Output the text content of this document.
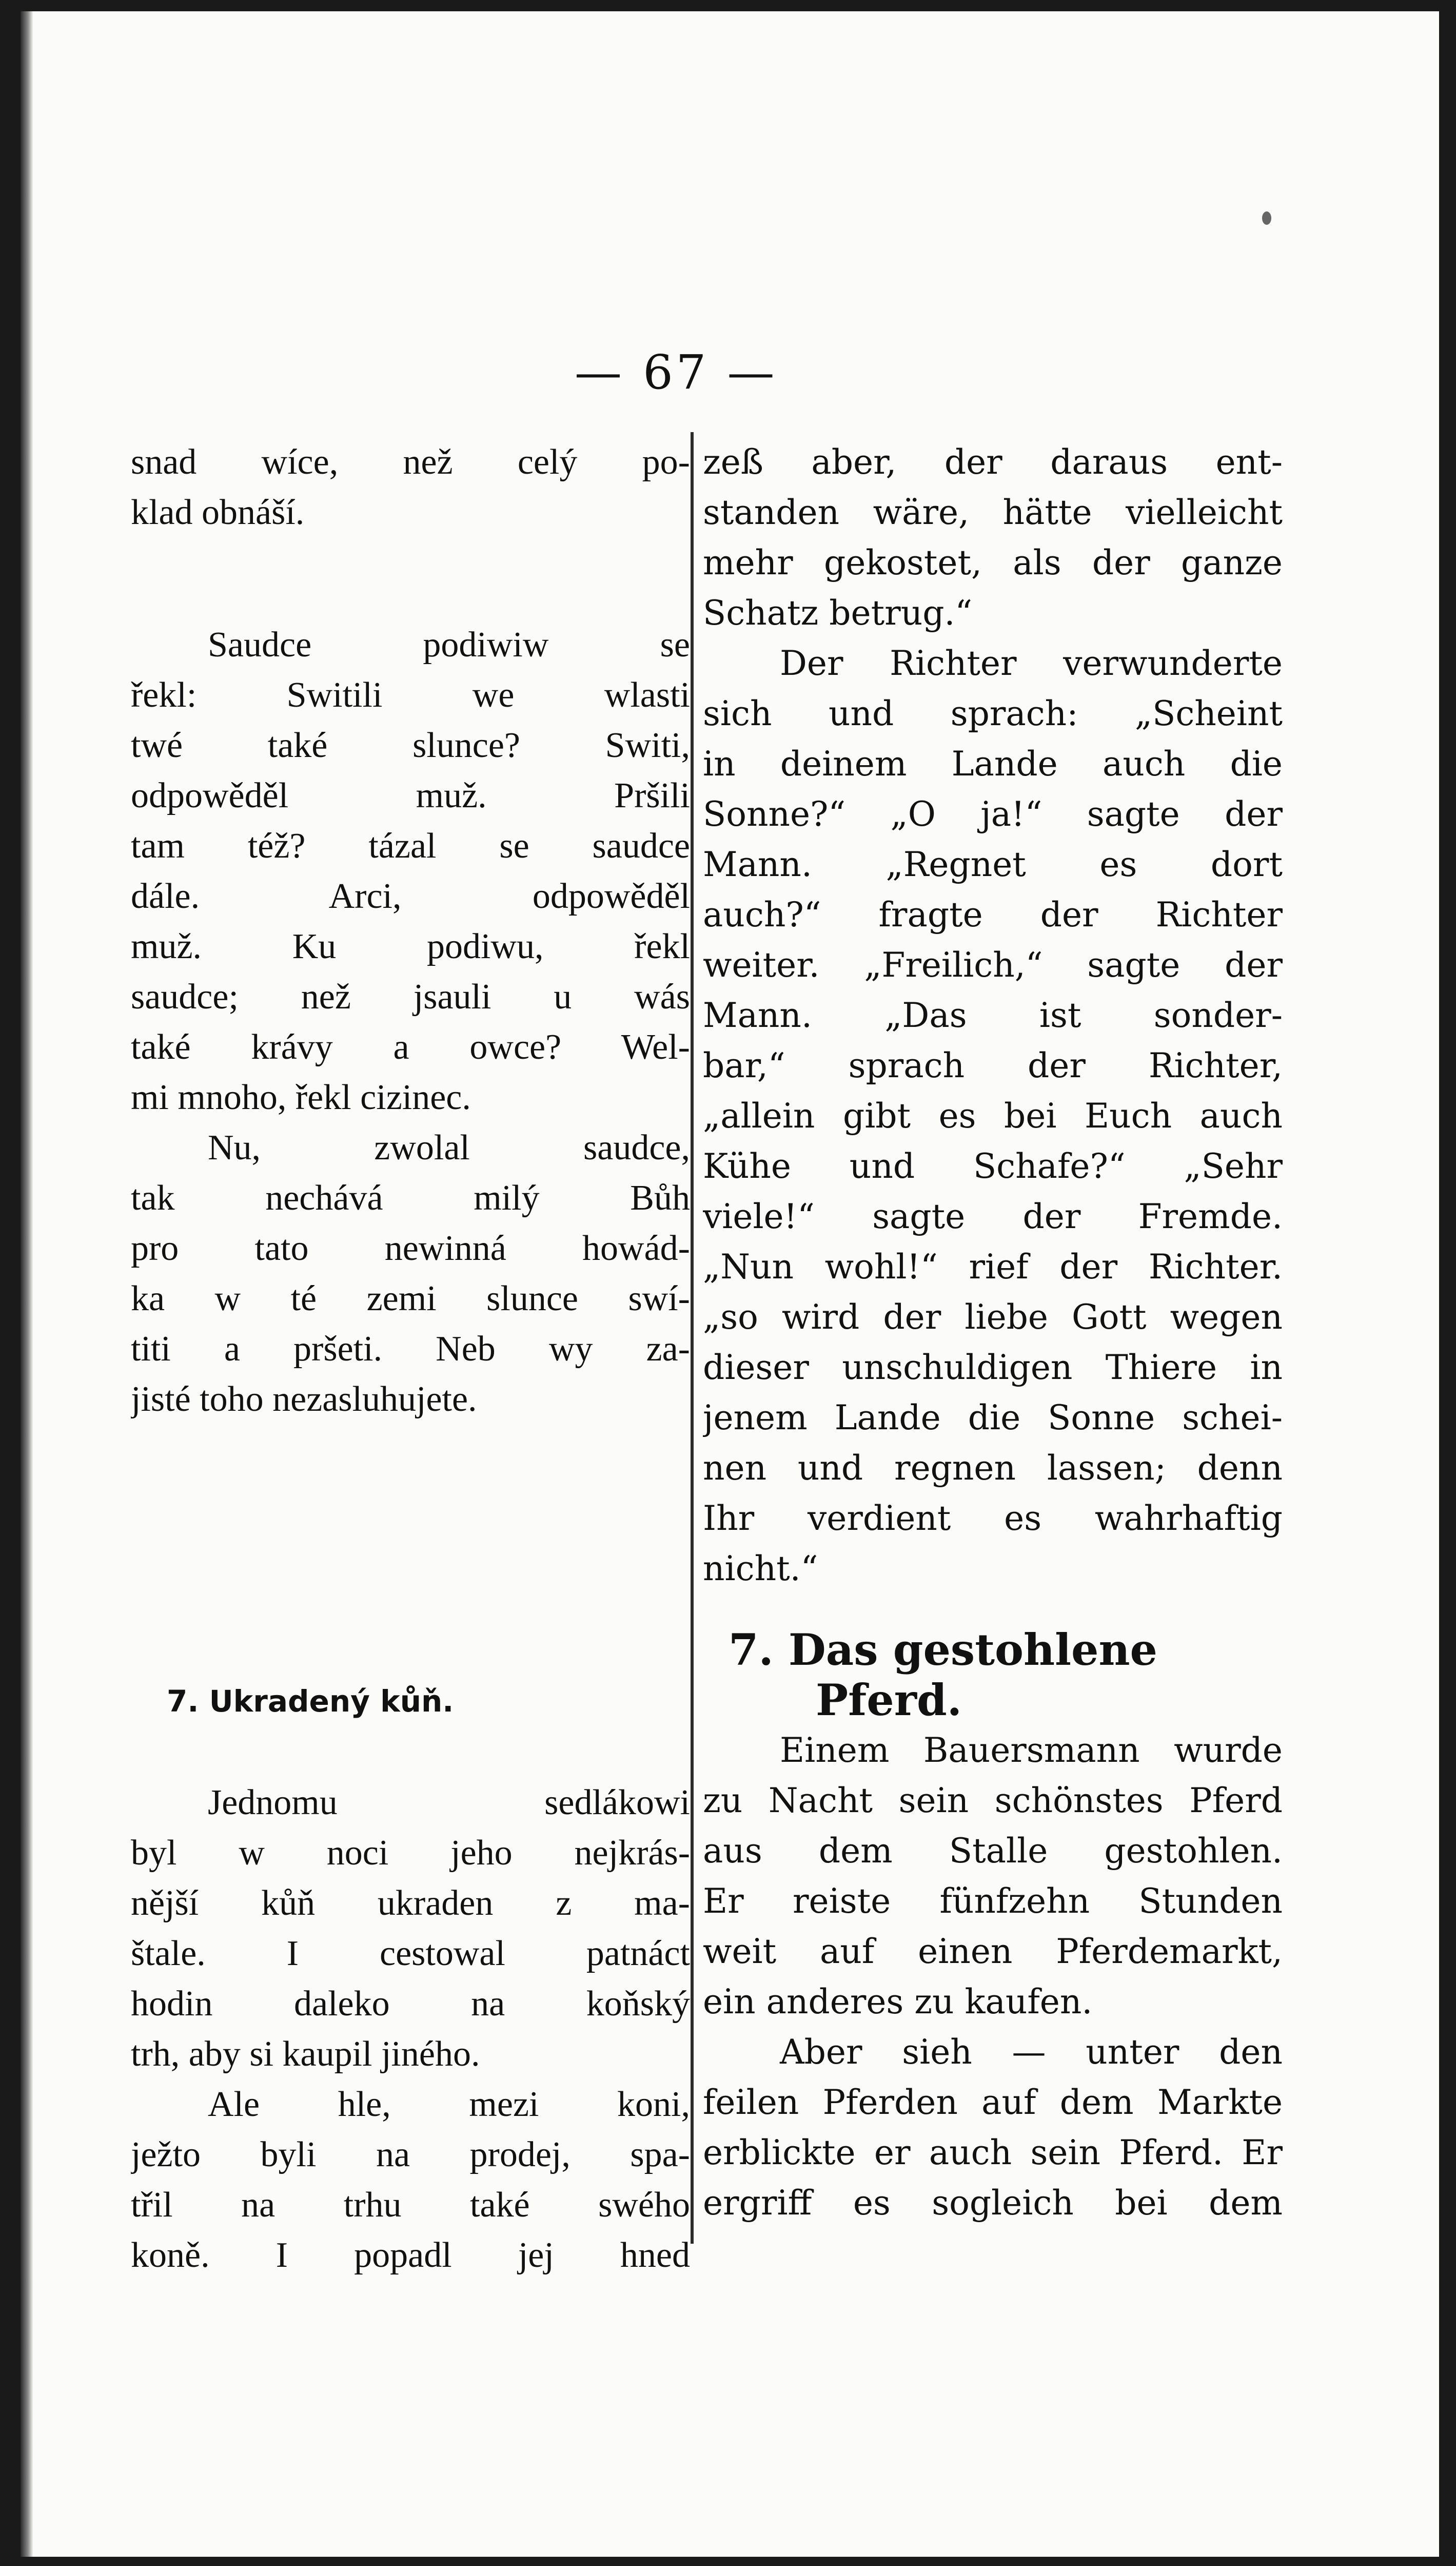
— 67 —
snad wíce, než celý po-
klad obnáší.
Saudce podiwiw se
řekl: Switili we wlasti
twé také slunce? Switi,
odpowěděl muž. Pršili
tam též? tázal se saudce
dále. Arci, odpowěděl
muž. Ku podiwu, řekl
saudce; než jsauli u wás
také krávy a owce? Wel-
mi mnoho, řekl cizinec.
Nu, zwolal saudce,
tak nechává milý Bůh
pro tato newinná howád-
ka w té zemi slunce swí-
titi a pršeti. Neb wy za-
jisté toho nezasluhujete.
7. Ukradený kůň.
Jednomu sedlákowi
byl w noci jeho nejkrás-
nější kůň ukraden z ma-
štale. I cestowal patnáct
hodin daleko na koňský
trh, aby si kaupil jiného.
Ale hle, mezi koni,
ježto byli na prodej, spa-
třil na trhu také swého
koně. I popadl jej hned
zeß aber, der daraus ent-
standen wäre, hätte vielleicht
mehr gekostet, als der ganze
Schatz betrug.“
Der Richter verwunderte
sich und sprach: „Scheint
in deinem Lande auch die
Sonne?“ „O ja!“ sagte der
Mann. „Regnet es dort
auch?“ fragte der Richter
weiter. „Freilich,“ sagte der
Mann. „Das ist sonder-
bar,“ sprach der Richter,
„allein gibt es bei Euch auch
Kühe und Schafe?“ „Sehr
viele!“ sagte der Fremde.
„Nun wohl!“ rief der Richter.
„so wird der liebe Gott wegen
dieser unschuldigen Thiere in
jenem Lande die Sonne schei-
nen und regnen lassen; denn
Ihr verdient es wahrhaftig
nicht.“
7. Das gestohlene
Pferd.
Einem Bauersmann wurde
zu Nacht sein schönstes Pferd
aus dem Stalle gestohlen.
Er reiste fünfzehn Stunden
weit auf einen Pferdemarkt,
ein anderes zu kaufen.
Aber sieh — unter den
feilen Pferden auf dem Markte
erblickte er auch sein Pferd. Er
ergriff es sogleich bei dem
